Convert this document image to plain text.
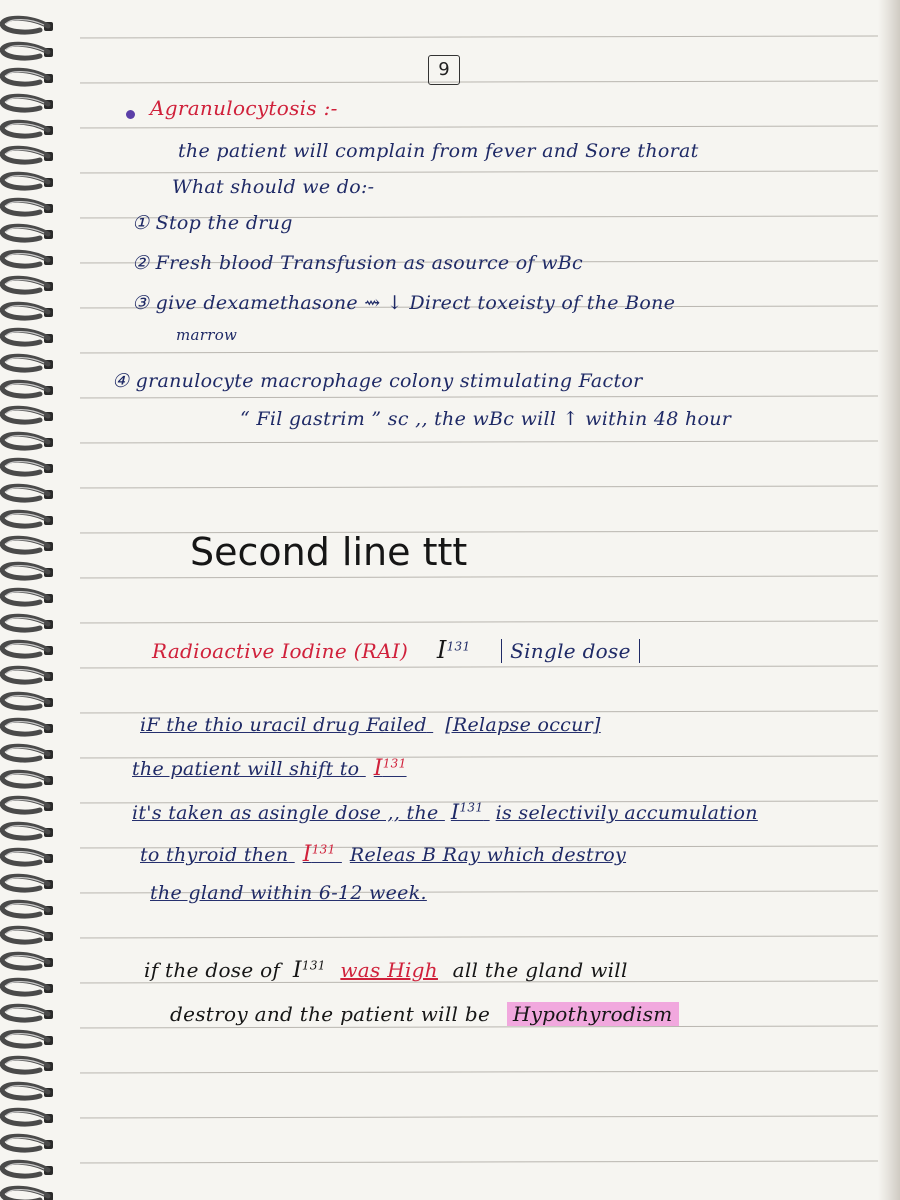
9
Agranulocytosis :-
the patient will complain from fever and Sore thorat
What should we do:-
① Stop the drug
② Fresh blood Transfusion as asource of wBc
③ give dexamethasone ⇝ ↓ Direct toxeisty of the Bone
marrow
④ granulocyte macrophage colony stimulating Factor
“ Fil gastrim ” sc ,, the wBc will ↑ within 48 hour
Second line ttt
Radioactive Iodine (RAI) $I^{131}$ Single dose
iF the thio uracil drug Failed [Relapse occur]
the patient will shift to $I^{131}$
it's taken as asingle dose ,, the $I^{131}$ is selectivily accumulation
to thyroid then $I^{131}$ Releas B Ray which destroy
the gland within 6-12 week.
if the dose of $I^{131}$ was High all the gland will
destroy and the patient will be Hypothyrodism
